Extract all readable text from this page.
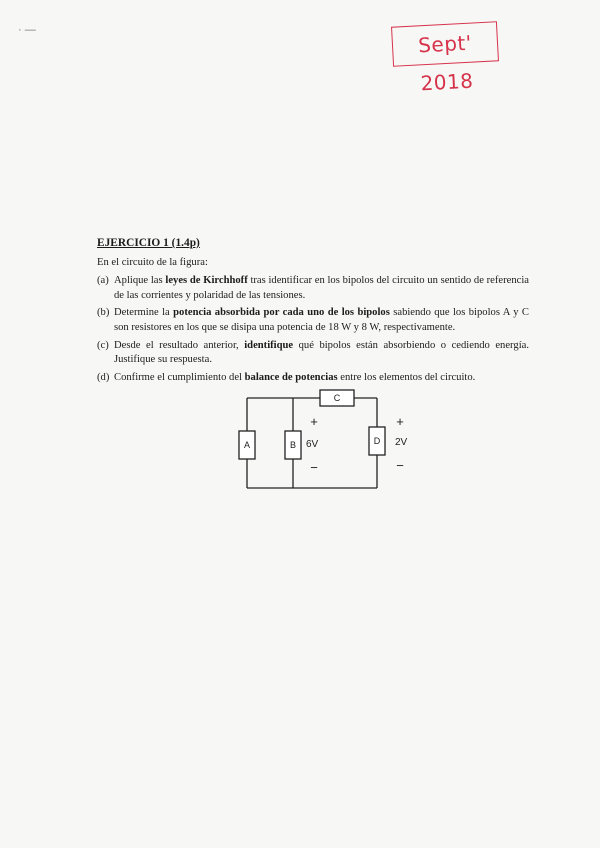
· —
Sept' 2018
EJERCICIO 1 (1.4p)
En el circuito de la figura:
(a) Aplique las leyes de Kirchhoff tras identificar en los bipolos del circuito un sentido de referencia de las corrientes y polaridad de las tensiones.
(b) Determine la potencia absorbida por cada uno de los bipolos sabiendo que los bipolos A y C son resistores en los que se disipa una potencia de 18 W y 8 W, respectivamente.
(c) Desde el resultado anterior, identifique qué bipolos están absorbiendo o cediendo energía. Justifique su respuesta.
(d) Confirme el cumplimiento del balance de potencias entre los elementos del circuito.
A	B
C
D
6V	2V
+
−
+
−
